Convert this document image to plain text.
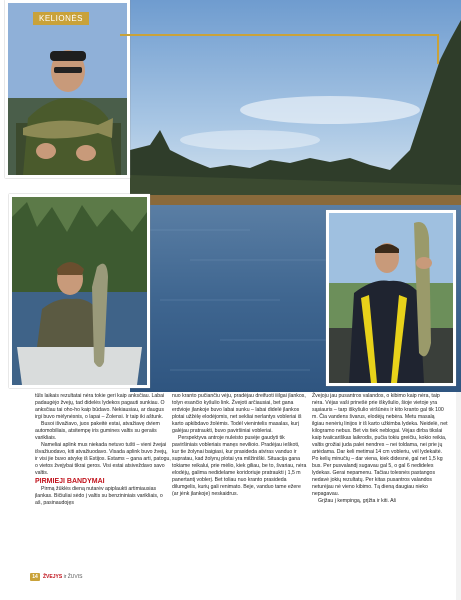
KELIONĖS

tūls laikais rezultatai nėra tokie geri kaip anksčiau. Labai padaugėjo žvejų, tad didelės lydekos pagauti sunkiau. O anksčiau tai oho-ho kaip būdavo. Nekiausiau, ar daugus irgi buvo mėlynėsnis, o lapai – Žolensi. Ir taip iki aštunk.

Busoi išvažiavo, juos pakeitė estai, atvažiavę dviem automobiliais, atsitempę iris gumines valtis su geraiis varikliais.

Nameliai aplink mus niekada netuvo tušti – vieni žvejai išvažiuodavo, kiti atvažiuodavo. Visada aplink buvo žvejų, ir visi jie buvo atvykę iš Estijos. Estams – gana arti, patogu, o vietos žvejybai tikrai geros. Visi estai atsiveždavo savo valtis.

PIRMIEJI BANDYMAI

Pirmą žūklės dieną nutarėv apiplaukti artimiausias įlankas. Bičiuliai sėdo į valtis su benzininiais varikliais, o aš, pasinaudojęs

nuo kranto pučiančiu vėju, pradėjau dreifuoti iiilgai įlankos, tolyn esančio kyšulio link. Žvejoti arčiausiai, bet gana erdvioje įlankoje buvo labai sunku – labai didelė įlankos plotai užžėlę elodėjomis, net sekliai nerlantys vobleriai iš karto apkibdavo žolėmis. Todėl vienintelis masalas, kurį galėjau pratraukti, buvo paviršiniai vobleriai.

Perspektyva antroje nuleisto pusėje gaudyti tik paviršiniais vobleriais manęs nevilioio. Pradėjau ieškoti, kur tie žolynai baigiasi, kur prasideda atviras vanduo ir supratau, kad žolynų plotai yra milžiniški. Situacija gana tokiame reikalui, prie mėlio, kiek giliau, be to, švariau, nėra elodėjų, galima nedidelame koridoriuje pratraukti į 1,5 m panertantį voblerį. Bet toliau nuo kranto prasideda dilumgelis, kurių gali renimato. Beje, vanduo tame ežere (ar jėnk įlankoje) neskaidrus.

Žvejoju jau pusantros valandos, o kibimo kaip nėra, taip nėra. Vėjas vaši prinešė prie iškyšulio, šioje vietoje yra sąsiauris – tarp iškyšulio viršūnės ir kito kranto gal tik 100 m. Čia vandens švarus, elodėjų nebėra. Metu masalą ilgiau nenėrių linijos ir iš karto užkimba lydeka. Neidelė, net kilogramo nebus. Bet vis tiek neblogai. Vėjas dirba tikslai kaip tvaiicariškas laikrodis, pučia tokiu greičiu, kokio reikia, valtis grožiai juda palei nendres – nei toldama, nei prie jų artėdama. Dar keli metimai 14 cm vobleriu, vėl lydekaitė. Po kelių minučių – dar viena, kiek didesnė, gal net 1,5 kg bus. Per pusvalandį sugavau gal 5, o gal 6 nedideles lydekas. Gerai nepamenu. Tačiau tolesnės pastangos nedavė jokių rezultatų. Per kitas pusantros valandos neturėjau nė vieno kibimo. Tą dieną daugiau nieko nepagavau.

Grįžau į kempingą, grįžta ir kiti. Aš

14	ŽVEJYS ir ŽUVIS
